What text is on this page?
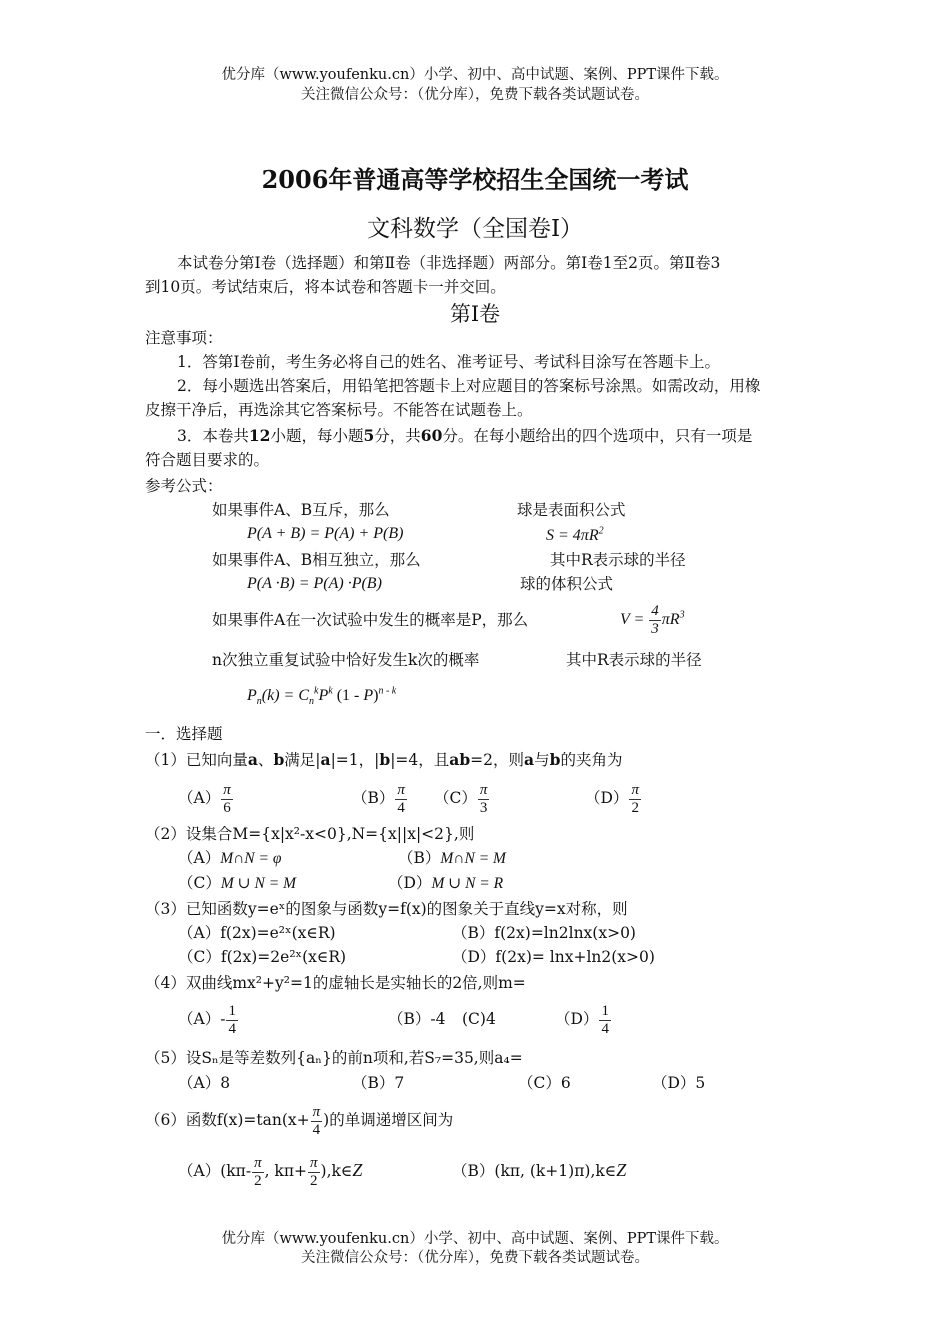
优分库（www.youfenku.cn）小学、初中、高中试题、案例、PPT课件下载。
关注微信公众号：（优分库），免费下载各类试题试卷。
2006年普通高等学校招生全国统一考试
文科数学（全国卷Ⅰ）
本试卷分第Ⅰ卷（选择题）和第Ⅱ卷（非选择题）两部分。第Ⅰ卷1至2页。第Ⅱ卷3
到10页。考试结束后，将本试卷和答题卡一并交回。
第Ⅰ卷
注意事项：
1．答第Ⅰ卷前，考生务必将自己的姓名、准考证号、考试科目涂写在答题卡上。
2．每小题选出答案后，用铅笔把答题卡上对应题目的答案标号涂黑。如需改动，用橡
皮擦干净后，再选涂其它答案标号。不能答在试题卷上。
3．本卷共12小题，每小题5分，共60分。在每小题给出的四个选项中，只有一项是
符合题目要求的。
参考公式：
如果事件A、B互斥，那么
P(A + B) = P(A) + P(B)
如果事件A、B相互独立，那么
P(A ·B) = P(A) ·P(B)
如果事件A在一次试验中发生的概率是P，那么
n次独立重复试验中恰好发生k次的概率
$P_n(k) = C_n^kP^k$ (1 - P)$^{n - k}$
球是表面积公式
$S = 4\pi R^2$
其中R表示球的半径
球的体积公式
$V = \frac{4}{3} \pi R^3$
其中R表示球的半径
一．选择题
（1）已知向量a、b满足|a|=1，|b|=4，且ab=2，则a与b的夹角为
$(A) \frac{\pi}{6}$	$(B) \frac{\pi}{4} (C) \frac{\pi}{3}$	$(D) \frac{\pi}{2}$
（2）设集合M={x|x²-x<0},N={x||x|<2},则
（A）M∩N = φ	（B）M∩N = M
（C）M ∪ N = M	（D）M ∪ N = R
（3）已知函数y=eˣ的图象与函数y=f(x)的图象关于直线y=x对称，则
（A）f(2x)=e²ˣ(x∈R)	（B）f(2x)=ln2lnx(x>0)
（C）f(2x)=2e²ˣ(x∈R)	（D）f(2x)= lnx+ln2(x>0)
（4）双曲线mx²+y²=1的虚轴长是实轴长的2倍,则m=
$(A)- \frac{1}{4}$	（B）-4 (C)4	$(D) \frac{1}{4}$
（5）设Sₙ是等差数列{aₙ}的前n项和,若S₇=35,则a₄=
（A）8	（B）7	（C）6	（D）5
（6）函数$f(x)=\tan(x+ \frac{\pi}{4}$ )的单调递增区间为
$(A)(k\pi- \frac{\pi}{2}$ , $k\pi+ \frac{\pi}{2}$ ),k∈Z	（B）(kπ, (k+1)π),k∈Z
优分库（www.youfenku.cn）小学、初中、高中试题、案例、PPT课件下载。
关注微信公众号：（优分库），免费下载各类试题试卷。
